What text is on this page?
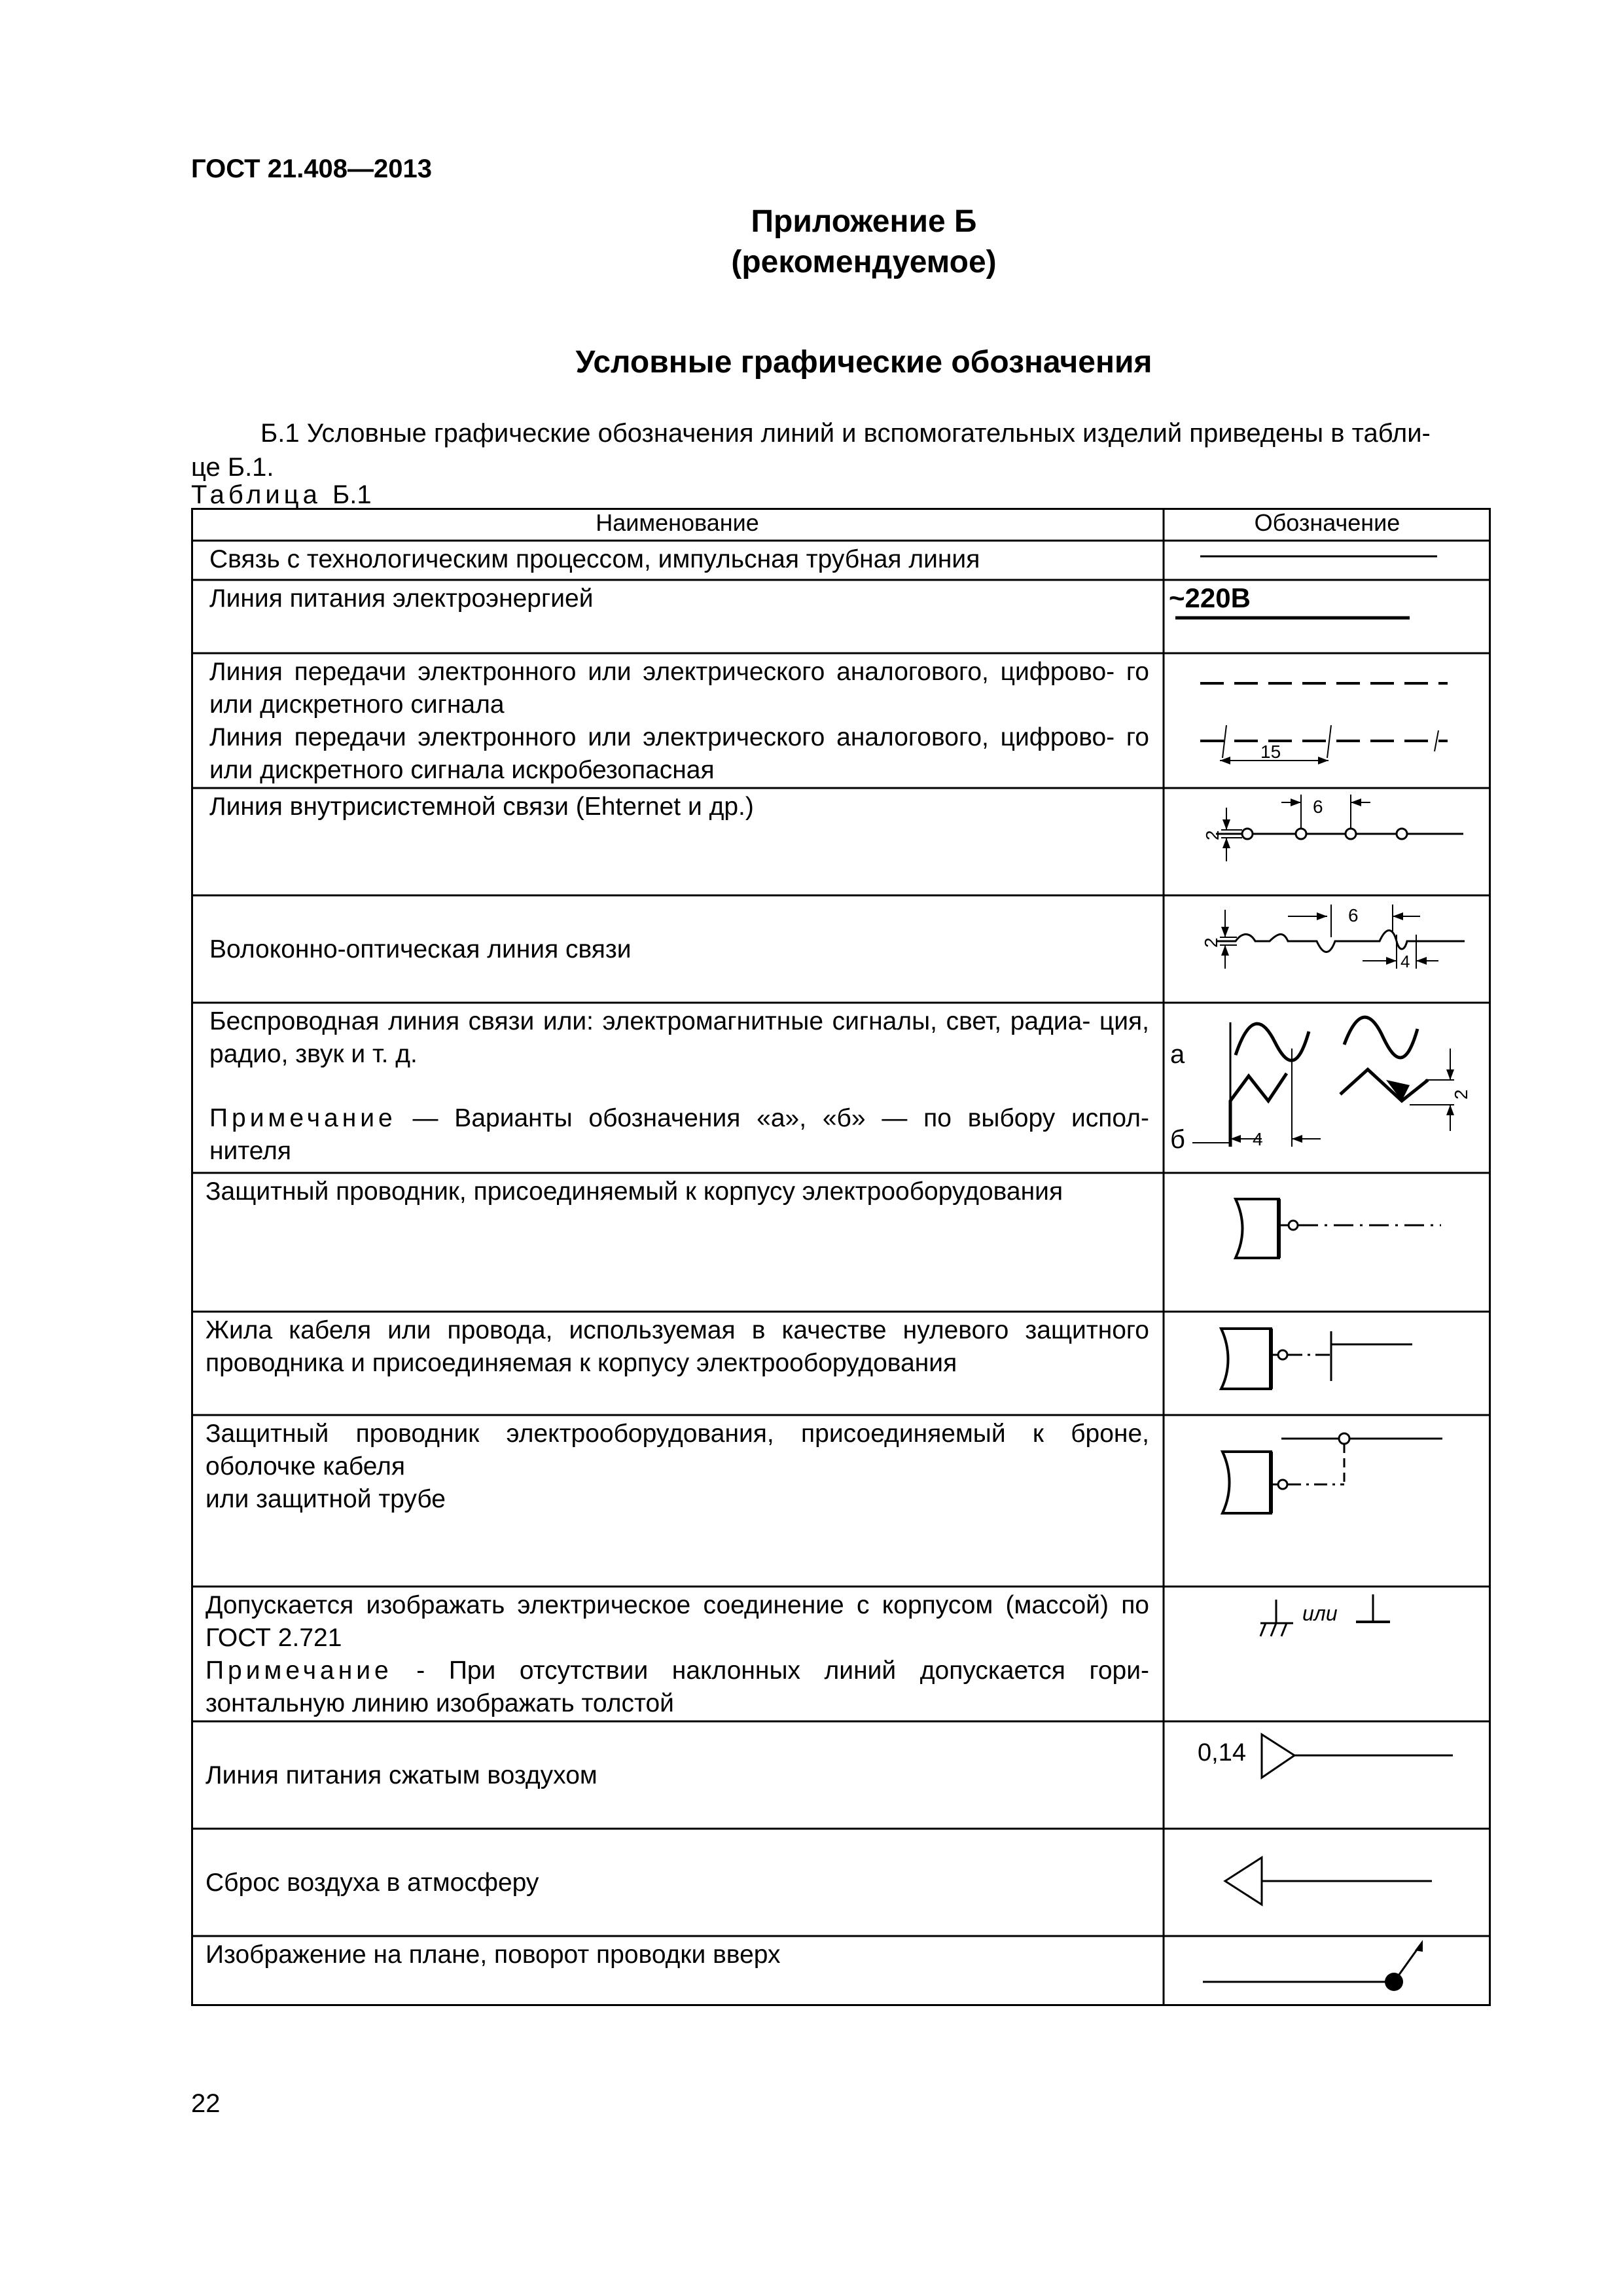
ГОСТ 21.408—2013
Приложение Б
(рекомендуемое)
Условные графические обозначения
Б.1 Условные графические обозначения линий и вспомогательных изделий приведены в табли-
це Б.1.
Таблица Б.1
Наименование	Обозначение
Связь с технологическим процессом, импульсная трубная линия
Линия питания электроэнергией	~220В
Линия передачи электронного или электрического аналогового, цифрово- го или дискретного сигнала
Линия передачи электронного или электрического аналогового, цифрово- го или дискретного сигнала искробезопасная
15
Линия внутрисистемной связи (Ehternet и др.)	6
2
Волоконно-оптическая линия связи
6
4
2
Беспроводная линия связи или: электромагнитные сигналы, свет, радиа- ция, радио, звук и т. д.
Примечание — Варианты обозначения «а», «б» — по выбору испол- нителя
а
б	4
2
Защитный проводник, присоединяемый к корпусу электрооборудования
Жила кабеля или провода, используемая в качестве нулевого защитного проводника и присоединяемая к корпусу электрооборудования
Защитный проводник электрооборудования, присоединяемый к броне, оболочке кабеля
или защитной трубе
Допускается изображать электрическое соединение с корпусом (массой) по ГОСТ 2.721
Примечание - При отсутствии наклонных линий допускается гори- зонтальную линию изображать толстой
или
Линия питания сжатым воздухом
0,14
Сброс воздуха в атмосферу
Изображение на плане, поворот проводки вверх
22
